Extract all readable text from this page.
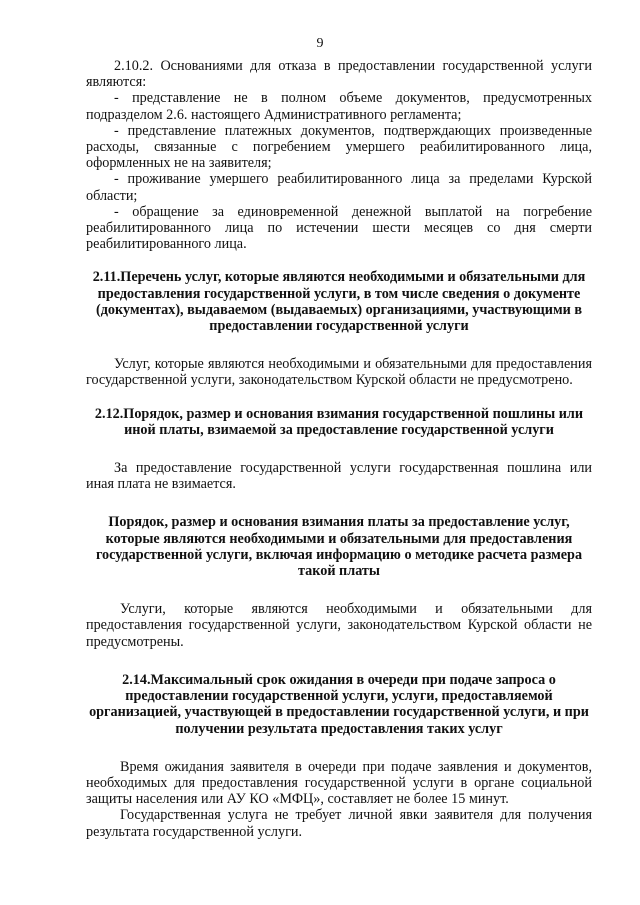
9

2.10.2. Основаниями для отказа в предоставлении государственной услуги являются:

- представление не в полном объеме документов, предусмотренных подразделом 2.6. настоящего Административного регламента;

- представление платежных документов, подтверждающих произведенные расходы, связанные с погребением умершего реабилитированного лица, оформленных не на заявителя;

- проживание умершего реабилитированного лица за пределами Курской области;

- обращение за единовременной денежной выплатой на погребение реабилитированного лица по истечении шести месяцев со дня смерти реабилитированного лица.

2.11.Перечень услуг, которые являются необходимыми и обязательными для предоставления государственной услуги, в том числе сведения о документе (документах), выдаваемом (выдаваемых) организациями, участвующими в предоставлении государственной услуги

Услуг, которые являются необходимыми и обязательными для предоставления государственной услуги, законодательством Курской области не предусмотрено.

2.12.Порядок, размер и основания взимания государственной пошлины или иной платы, взимаемой за предоставление государственной услуги

За предоставление государственной услуги государственная пошлина или иная плата не взимается.

Порядок, размер и основания взимания платы за предоставление услуг, которые являются необходимыми и обязательными для предоставления государственной услуги, включая информацию о методике расчета размера такой платы

Услуги, которые являются необходимыми и обязательными для предоставления государственной услуги, законодательством Курской области не предусмотрены.

2.14.Максимальный срок ожидания в очереди при подаче запроса о предоставлении государственной услуги, услуги, предоставляемой организацией, участвующей в предоставлении государственной услуги, и при получении результата предоставления таких услуг

Время ожидания заявителя в очереди при подаче заявления и документов, необходимых для предоставления государственной услуги в органе социальной защиты населения или АУ КО «МФЦ», составляет не более 15 минут.

Государственная услуга не требует личной явки заявителя для получения результата государственной услуги.
